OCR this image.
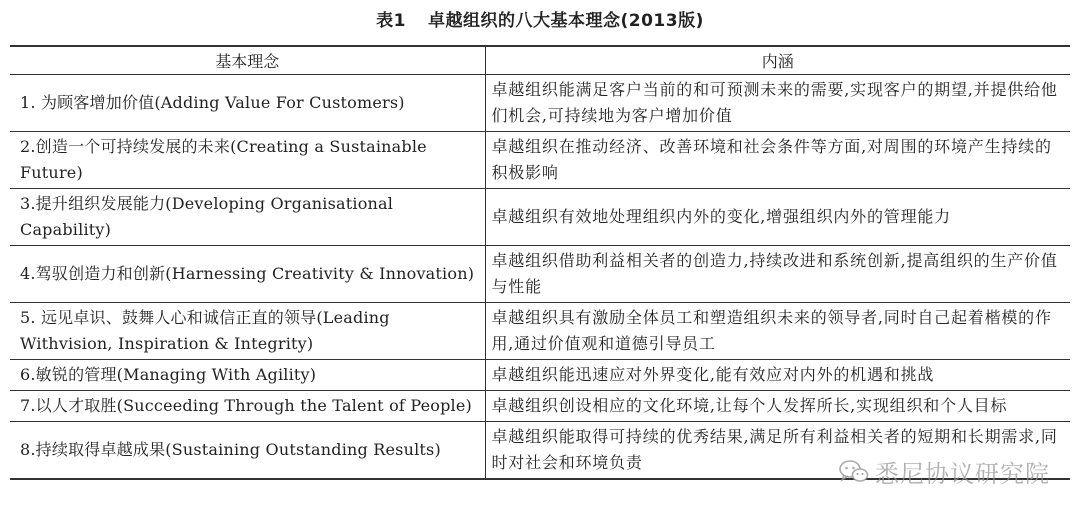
表1 卓越组织的八大基本理念(2013版)
基本理念	内涵
1. 为顾客增加价值(Adding Value For Customers)	卓越组织能满足客户当前的和可预测未来的需要,实现客户的期望,并提供给他们机会,可持续地为客户增加价值
2.创造一个可持续发展的未来(Creating a Sustainable Future)	卓越组织在推动经济、改善环境和社会条件等方面,对周围的环境产生持续的积极影响
3.提升组织发展能力(Developing Organisational Capability)	卓越组织有效地处理组织内外的变化,增强组织内外的管理能力
4.驾驭创造力和创新(Harnessing Creativity & Innovation)	卓越组织借助利益相关者的创造力,持续改进和系统创新,提高组织的生产价值与性能
5. 远见卓识、鼓舞人心和诚信正直的领导(Leading Withvision, Inspiration & Integrity)	卓越组织具有激励全体员工和塑造组织未来的领导者,同时自己起着楷模的作用,通过价值观和道德引导员工
6.敏锐的管理(Managing With Agility)	卓越组织能迅速应对外界变化,能有效应对内外的机遇和挑战
7.以人才取胜(Succeeding Through the Talent of People)	卓越组织创设相应的文化环境,让每个人发挥所长,实现组织和个人目标
8.持续取得卓越成果(Sustaining Outstanding Results)	卓越组织能取得可持续的优秀结果,满足所有利益相关者的短期和长期需求,同时对社会和环境负责	悉尼协议研究院
